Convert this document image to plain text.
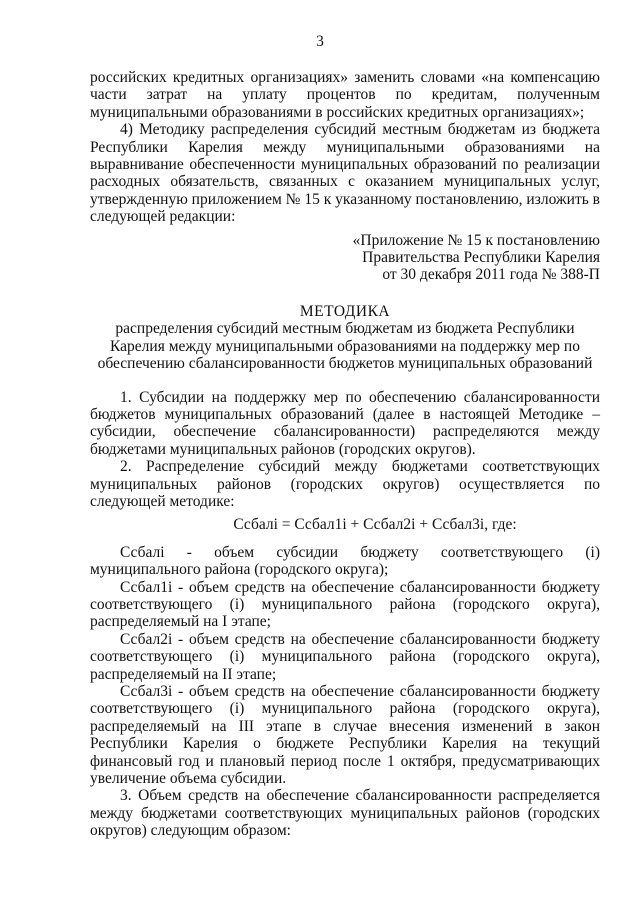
3

российских кредитных организациях» заменить словами «на компенсацию части затрат на уплату процентов по кредитам, полученным муниципальными образованиями в российских кредитных организациях»;

4) Методику распределения субсидий местным бюджетам из бюджета Республики Карелия между муниципальными образованиями на выравнивание обеспеченности муниципальных образований по реализации расходных обязательств, связанных с оказанием муниципальных услуг, утвержденную приложением № 15 к указанному постановлению, изложить в следующей редакции:

«Приложение № 15 к постановлению

Правительства Республики Карелия

от 30 декабря 2011 года № 388-П

МЕТОДИКА

распределения субсидий местным бюджетам из бюджета Республики

Карелия между муниципальными образованиями на поддержку мер по

обеспечению сбалансированности бюджетов муниципальных образований

1. Субсидии на поддержку мер по обеспечению сбалансированности бюджетов муниципальных образований (далее в настоящей Методике – субсидии, обеспечение сбалансированности) распределяются между бюджетами муниципальных районов (городских округов).

2. Распределение субсидий между бюджетами соответствующих муниципальных районов (городских округов) осуществляется по следующей методике:

Ссбалі = Ссбал1і + Ссбал2і + Ссбал3і, где:

Ссбалі - объем субсидии бюджету соответствующего (і) муниципального района (городского округа);

Ссбал1і - объем средств на обеспечение сбалансированности бюджету соответствующего (і) муниципального района (городского округа), распределяемый на I этапе;

Ссбал2і - объем средств на обеспечение сбалансированности бюджету соответствующего (і) муниципального района (городского округа), распределяемый на II этапе;

Ссбал3і - объем средств на обеспечение сбалансированности бюджету соответствующего (і) муниципального района (городского округа), распределяемый на III этапе в случае внесения изменений в закон Республики Карелия о бюджете Республики Карелия на текущий финансовый год и плановый период после 1 октября, предусматривающих увеличение объема субсидии.

3. Объем средств на обеспечение сбалансированности распределяется между бюджетами соответствующих муниципальных районов (городских округов) следующим образом:
